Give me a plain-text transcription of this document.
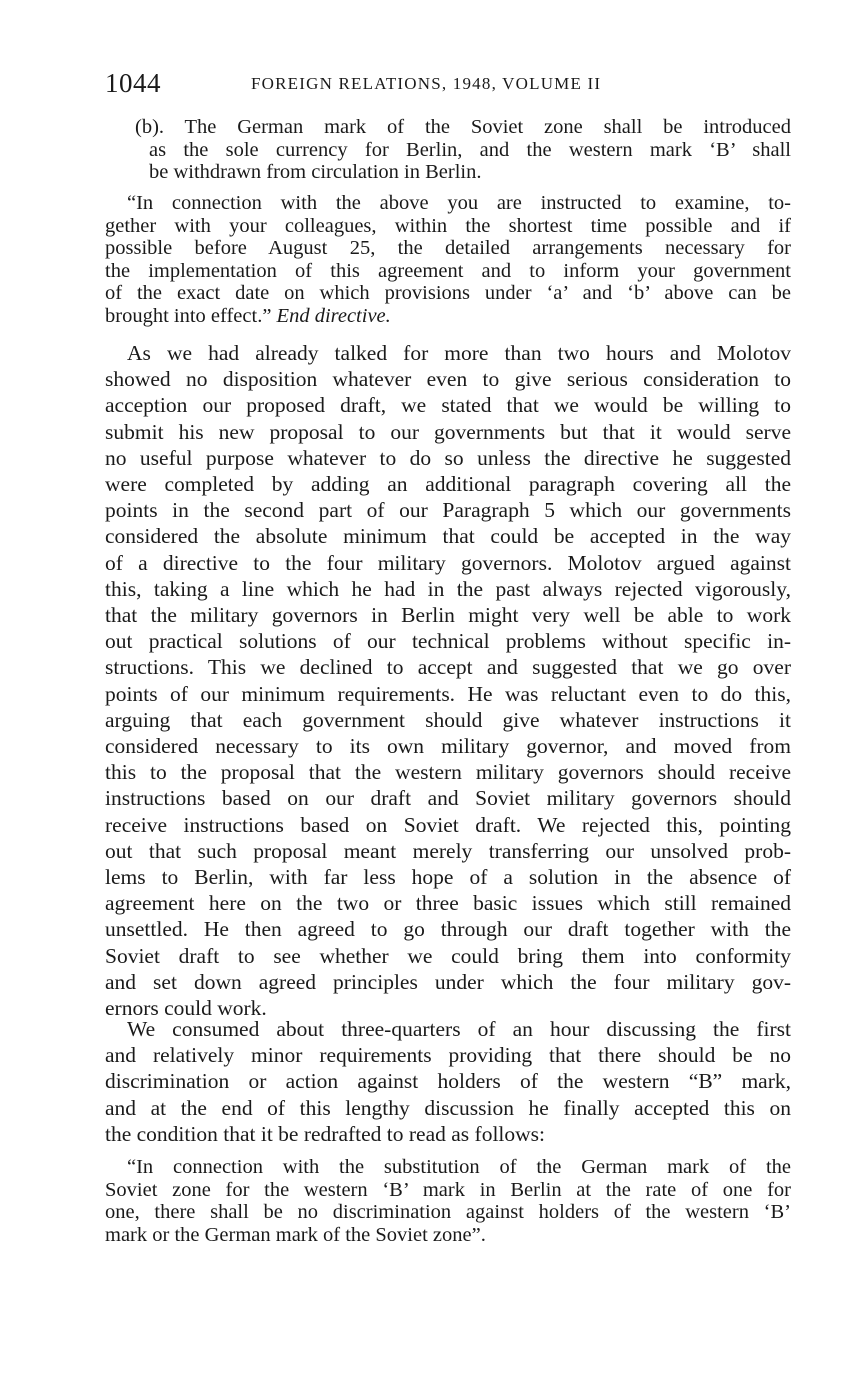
1044	FOREIGN RELATIONS, 1948, VOLUME II
(b). The German mark of the Soviet zone shall be introduced
as the sole currency for Berlin, and the western mark ‘B’ shall
be withdrawn from circulation in Berlin.
“In connection with the above you are instructed to examine, to-
gether with your colleagues, within the shortest time possible and if
possible before August 25, the detailed arrangements necessary for
the implementation of this agreement and to inform your government
of the exact date on which provisions under ‘a’ and ‘b’ above can be
brought into effect.” End directive.
As we had already talked for more than two hours and Molotov
showed no disposition whatever even to give serious consideration to
acception our proposed draft, we stated that we would be willing to
submit his new proposal to our governments but that it would serve
no useful purpose whatever to do so unless the directive he suggested
were completed by adding an additional paragraph covering all the
points in the second part of our Paragraph 5 which our governments
considered the absolute minimum that could be accepted in the way
of a directive to the four military governors. Molotov argued against
this, taking a line which he had in the past always rejected vigorously,
that the military governors in Berlin might very well be able to work
out practical solutions of our technical problems without specific in-
structions. This we declined to accept and suggested that we go over
points of our minimum requirements. He was reluctant even to do this,
arguing that each government should give whatever instructions it
considered necessary to its own military governor, and moved from
this to the proposal that the western military governors should receive
instructions based on our draft and Soviet military governors should
receive instructions based on Soviet draft. We rejected this, pointing
out that such proposal meant merely transferring our unsolved prob-
lems to Berlin, with far less hope of a solution in the absence of
agreement here on the two or three basic issues which still remained
unsettled. He then agreed to go through our draft together with the
Soviet draft to see whether we could bring them into conformity
and set down agreed principles under which the four military gov-
ernors could work.
We consumed about three-quarters of an hour discussing the first
and relatively minor requirements providing that there should be no
discrimination or action against holders of the western “B” mark,
and at the end of this lengthy discussion he finally accepted this on
the condition that it be redrafted to read as follows:
“In connection with the substitution of the German mark of the
Soviet zone for the western ‘B’ mark in Berlin at the rate of one for
one, there shall be no discrimination against holders of the western ‘B’
mark or the German mark of the Soviet zone”.
